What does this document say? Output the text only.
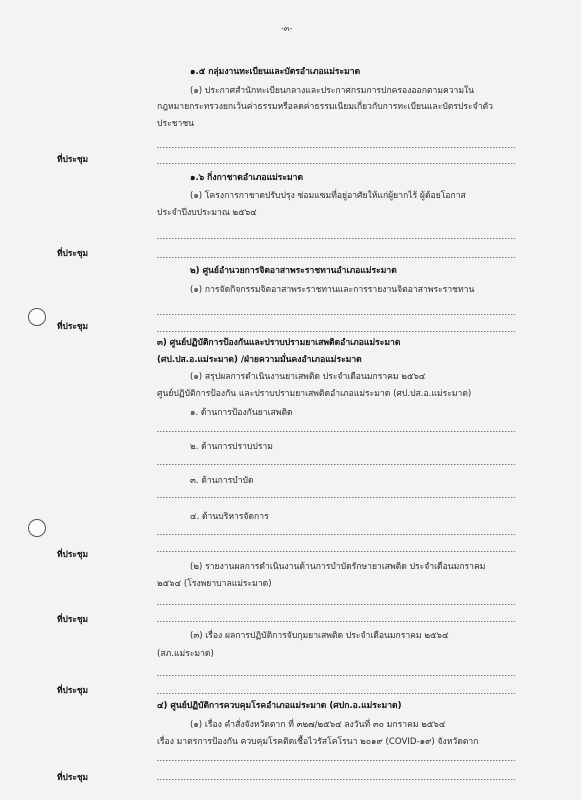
-๓-
๑.๕ กลุ่มงานทะเบียนและบัตรอำเภอแม่ระมาด
(๑) ประกาศสำนักทะเบียนกลางและประกาศกรมการปกครองออกตามความใน
กฎหมายกระทรวงยกเว้นค่าธรรมหรือลดค่าธรรมเนียมเกี่ยวกับการทะเบียนและบัตรประจำตัว
ประชาชน
ที่ประชุม
๑.๖ กิ่งกาชาดอำเภอแม่ระมาด
(๑) โครงการกาชาดปรับปรุง ซ่อมแซมที่อยู่อาศัยให้แก่ผู้ยากไร้ ผู้ด้อยโอกาส
ประจำปีงบประมาณ ๒๕๖๔
ที่ประชุม
๒) ศูนย์อำนวยการจิตอาสาพระราชทานอำเภอแม่ระมาด
(๑) การจัดกิจกรรมจิตอาสาพระราชทานและการรายงานจิตอาสาพระราชทาน
ที่ประชุม
๓) ศูนย์ปฏิบัติการป้องกันและปราบปรามยาเสพติดอำเภอแม่ระมาด
(ศป.ปส.อ.แม่ระมาด) /ฝ่ายความมั่นคงอำเภอแม่ระมาด
(๑) สรุปผลการดำเนินงานยาเสพติด ประจำเดือนมกราคม ๒๕๖๔
ศูนย์ปฏิบัติการป้องกัน และปราบปรามยาเสพติดอำเภอแม่ระมาด (ศป.ปส.อ.แม่ระมาด)
๑. ด้านการป้องกันยาเสพติด
๒. ด้านการปราบปราม
๓. ด้านการบำบัด
๔. ด้านบริหารจัดการ
ที่ประชุม
(๒) รายงานผลการดำเนินงานด้านการบำบัดรักษายาเสพติด ประจำเดือนมกราคม
๒๕๖๔ (โรงพยาบาลแม่ระมาด)
ที่ประชุม
(๓) เรื่อง ผลการปฏิบัติการจับกุมยาเสพติด ประจำเดือนมกราคม ๒๕๖๔
(สภ.แม่ระมาด)
ที่ประชุม
๔) ศูนย์ปฏิบัติการควบคุมโรคอำเภอแม่ระมาด (ศปก.อ.แม่ระมาด)
(๑) เรื่อง คำสั่งจังหวัดตาก ที่ ๓๒๗/๒๕๖๔ ลงวันที่ ๓๐ มกราคม ๒๕๖๔
เรื่อง มาตรการป้องกัน ควบคุมโรคติดเชื้อไวรัสโคโรนา ๒๐๑๙ (COVID-๑๙) จังหวัดตาก
ที่ประชุม
